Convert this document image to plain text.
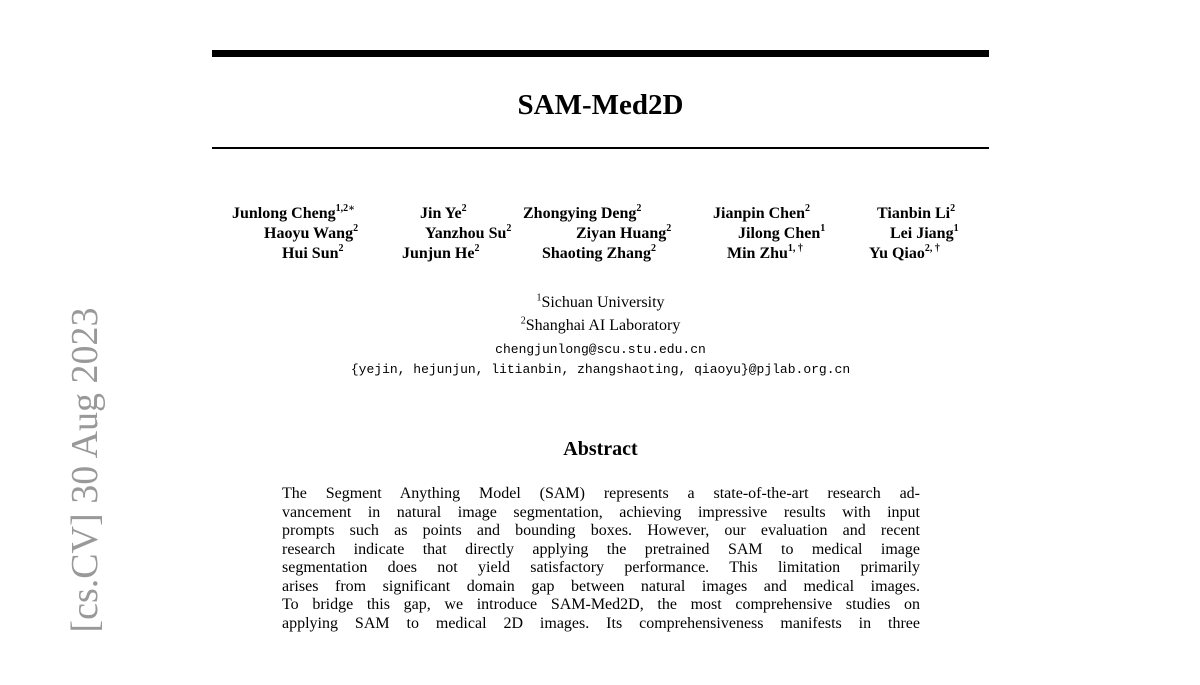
[cs.CV] 30 Aug 2023
SAM-Med2D
Junlong Cheng$^{1,2∗}$	Jin Ye$^2$	Zhongying Deng$^2$	Jianpin Chen$^2$	Tianbin Li$^2$
Haoyu Wang$^2$	Yanzhou Su$^2$	Ziyan Huang$^2$	Jilong Chen$^1$	Lei Jiang$^1$
Hui Sun$^2$	Junjun He$^2$	Shaoting Zhang$^2$	Min Zhu$^{1, \dagger}$	Yu Qiao$^{2, \dagger}$
$^1$Sichuan University
$^2$Shanghai AI Laboratory
chengjunlong@scu.stu.edu.cn
{yejin, hejunjun, litianbin, zhangshaoting, qiaoyu}@pjlab.org.cn
Abstract
The Segment Anything Model (SAM) represents a state-of-the-art research ad-
vancement in natural image segmentation, achieving impressive results with input
prompts such as points and bounding boxes. However, our evaluation and recent
research indicate that directly applying the pretrained SAM to medical image
segmentation does not yield satisfactory performance. This limitation primarily
arises from significant domain gap between natural images and medical images.
To bridge this gap, we introduce SAM-Med2D, the most comprehensive studies on
applying SAM to medical 2D images. Its comprehensiveness manifests in three
